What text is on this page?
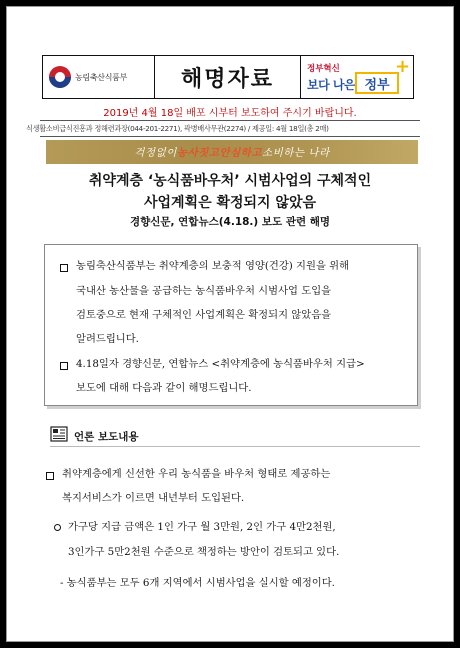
농림축산식품부 해명자료	정부혁신
보다 나은 정부
+
2019년 4월 18일 배포 시부터 보도하여 주시기 바랍니다.
식생활소비급식진흥과 정해련과장(044-201-2271), 곽병배사무관(2274) / 제공일: 4월 18일(총 2매)
걱정없이 농사짓고 안심하고 소비하는 나라
취약계층 ‘농식품바우처’ 시범사업의 구체적인
사업계획은 확정되지 않았음
경향신문, 연합뉴스(4.18.) 보도 관련 해명
농림축산식품부는 취약계층의 보충적 영양(건강) 지원을 위해
국내산 농산물을 공급하는 농식품바우처 시범사업 도입을
검토중으로 현재 구체적인 사업계획은 확정되지 않았음을
알려드립니다.
4.18일자 경향신문, 연합뉴스 <취약계층에 농식품바우처 지급>
보도에 대해 다음과 같이 해명드립니다.
언론 보도내용
취약계층에게 신선한 우리 농식품을 바우처 형태로 제공하는
복지서비스가 이르면 내년부터 도입된다.
가구당 지급 금액은 1인 가구 월 3만원, 2인 가구 4만2천원,
3인가구 5만2천원 수준으로 책정하는 방안이 검토되고 있다.
- 농식품부는 모두 6개 지역에서 시범사업을 실시할 예정이다.
